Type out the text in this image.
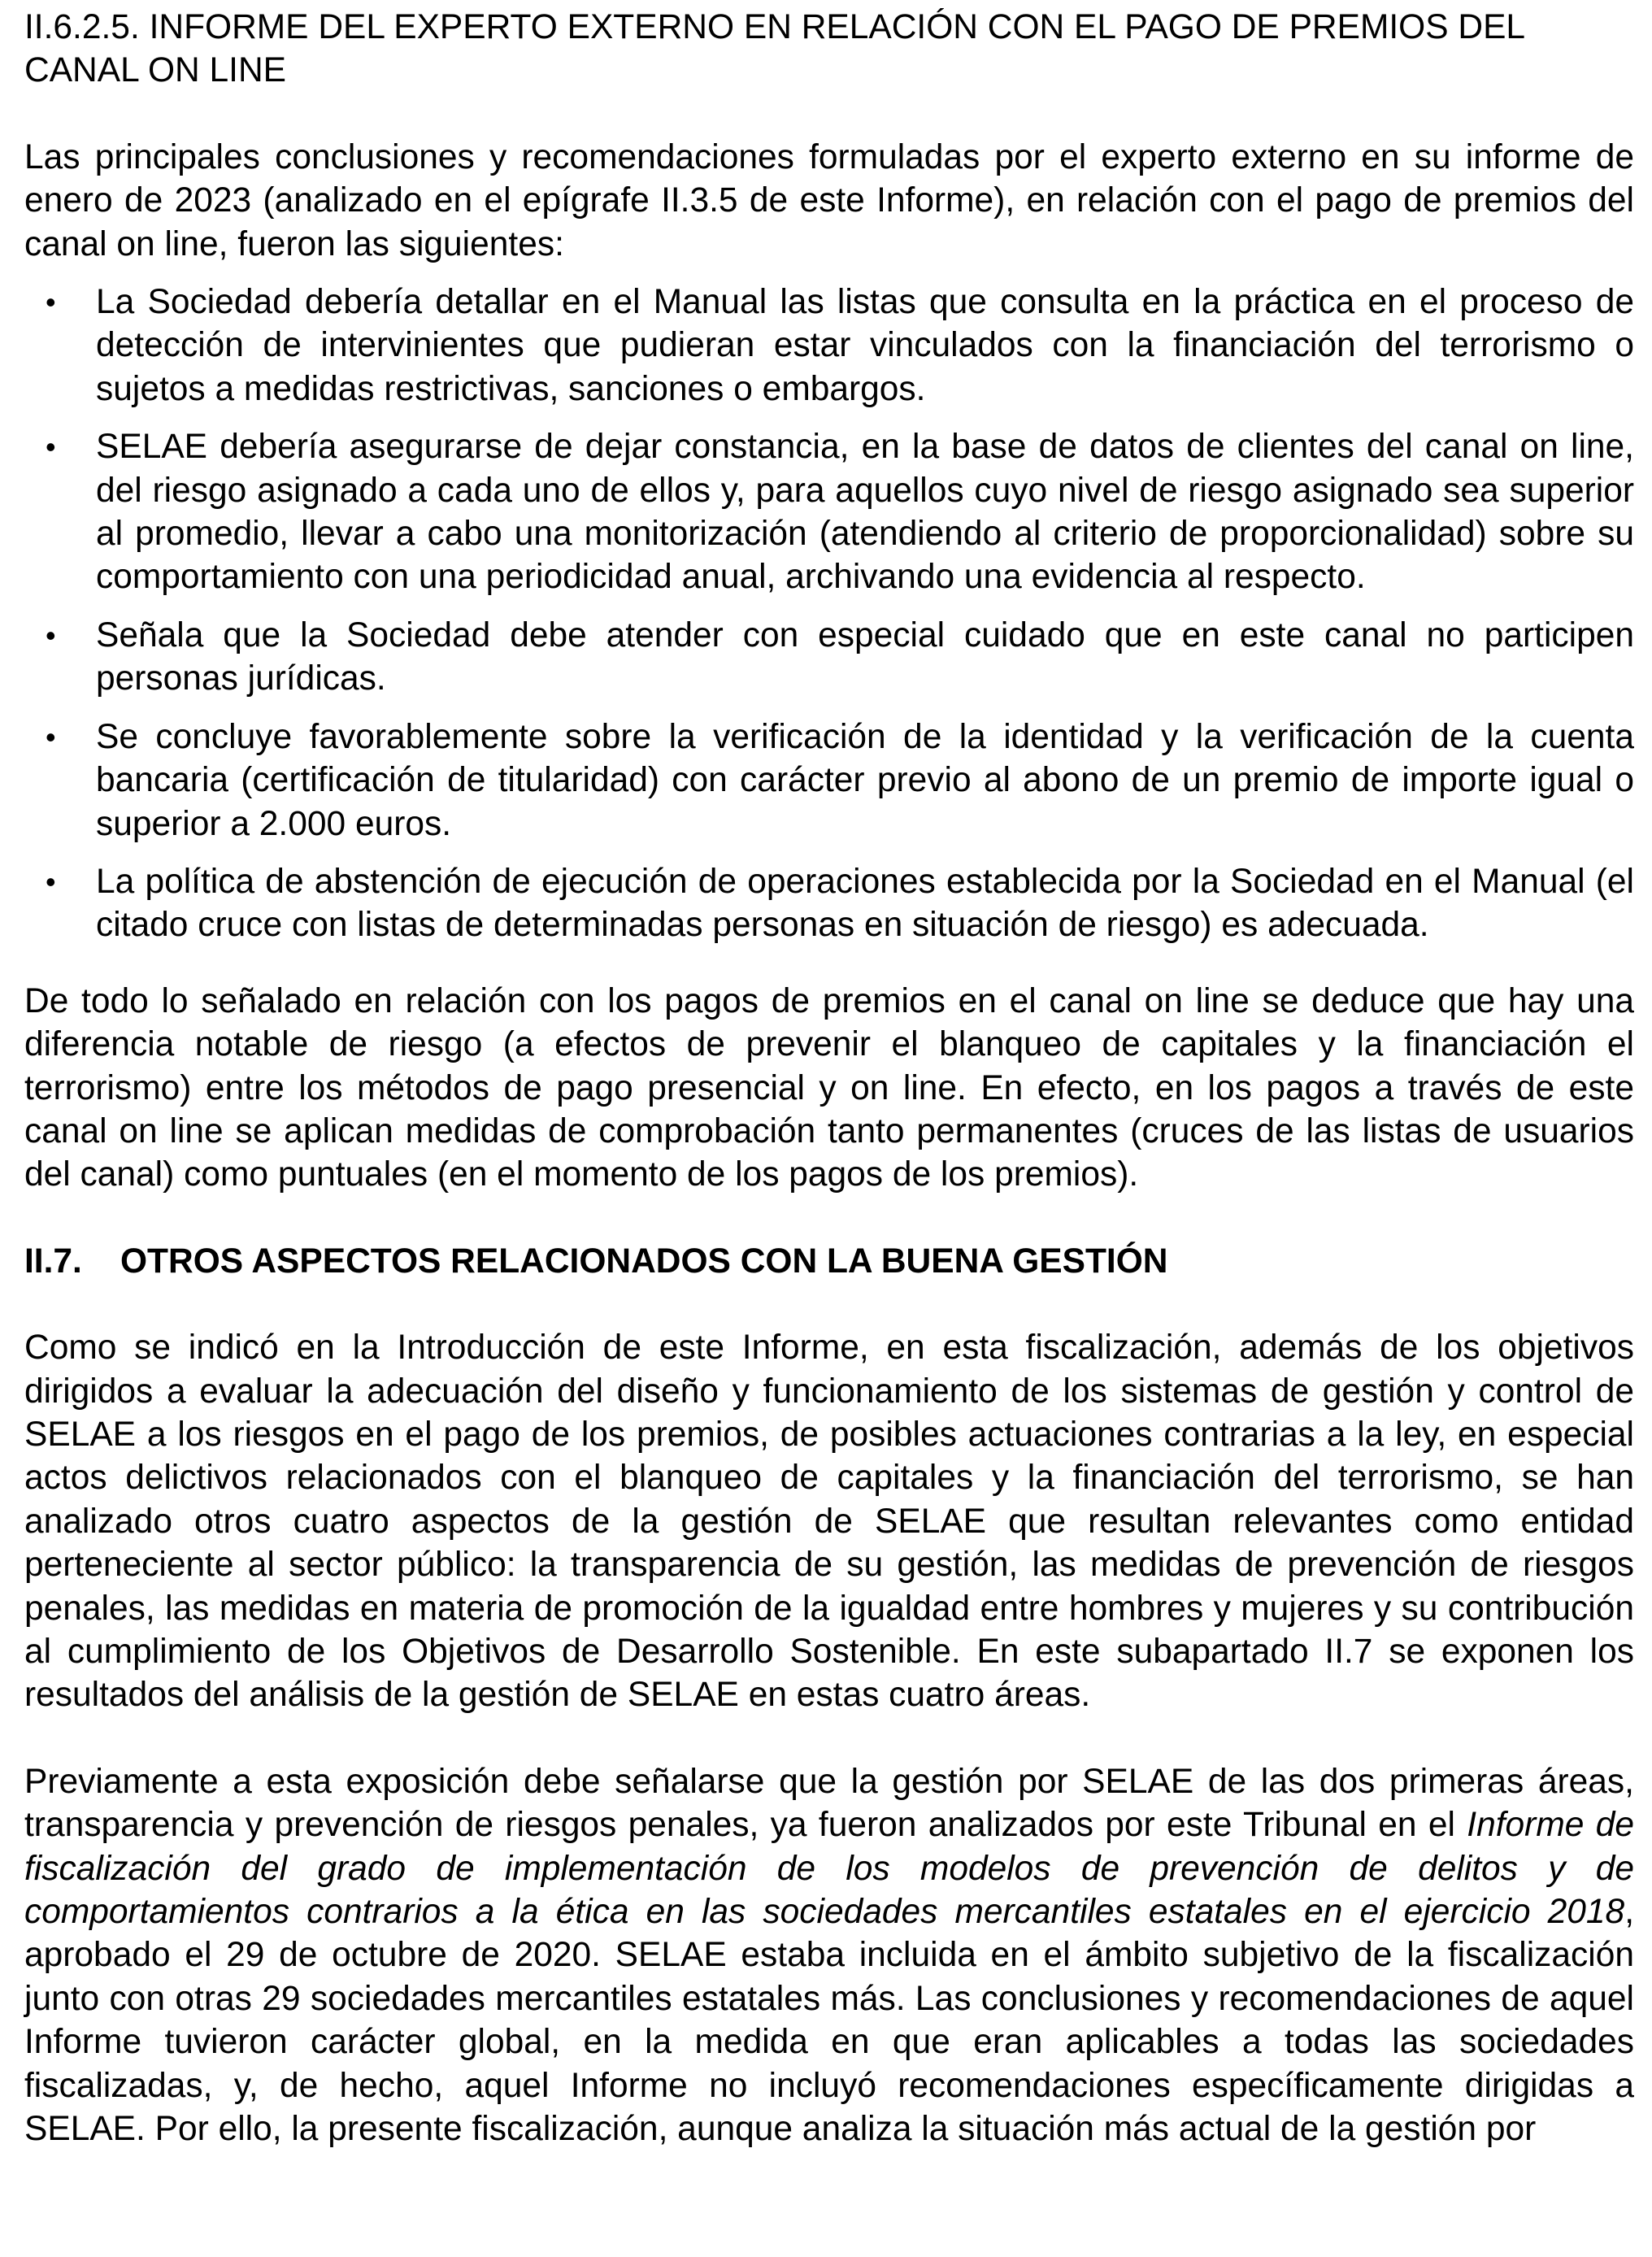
II.6.2.5. INFORME DEL EXPERTO EXTERNO EN RELACIÓN CON EL PAGO DE PREMIOS DEL CANAL ON LINE

Las principales conclusiones y recomendaciones formuladas por el experto externo en su informe de enero de 2023 (analizado en el epígrafe II.3.5 de este Informe), en relación con el pago de premios del canal on line, fueron las siguientes:

• La Sociedad debería detallar en el Manual las listas que consulta en la práctica en el proceso de detección de intervinientes que pudieran estar vinculados con la financiación del terrorismo o sujetos a medidas restrictivas, sanciones o embargos.
• SELAE debería asegurarse de dejar constancia, en la base de datos de clientes del canal on line, del riesgo asignado a cada uno de ellos y, para aquellos cuyo nivel de riesgo asignado sea superior al promedio, llevar a cabo una monitorización (atendiendo al criterio de proporcionalidad) sobre su comportamiento con una periodicidad anual, archivando una evidencia al respecto.
• Señala que la Sociedad debe atender con especial cuidado que en este canal no participen personas jurídicas.
• Se concluye favorablemente sobre la verificación de la identidad y la verificación de la cuenta bancaria (certificación de titularidad) con carácter previo al abono de un premio de importe igual o superior a 2.000 euros.
• La política de abstención de ejecución de operaciones establecida por la Sociedad en el Manual (el citado cruce con listas de determinadas personas en situación de riesgo) es adecuada.

De todo lo señalado en relación con los pagos de premios en el canal on line se deduce que hay una diferencia notable de riesgo (a efectos de prevenir el blanqueo de capitales y la financiación el terrorismo) entre los métodos de pago presencial y on line. En efecto, en los pagos a través de este canal on line se aplican medidas de comprobación tanto permanentes (cruces de las listas de usuarios del canal) como puntuales (en el momento de los pagos de los premios).

II.7.	OTROS ASPECTOS RELACIONADOS CON LA BUENA GESTIÓN

Como se indicó en la Introducción de este Informe, en esta fiscalización, además de los objetivos dirigidos a evaluar la adecuación del diseño y funcionamiento de los sistemas de gestión y control de SELAE a los riesgos en el pago de los premios, de posibles actuaciones contrarias a la ley, en especial actos delictivos relacionados con el blanqueo de capitales y la financiación del terrorismo, se han analizado otros cuatro aspectos de la gestión de SELAE que resultan relevantes como entidad perteneciente al sector público: la transparencia de su gestión, las medidas de prevención de riesgos penales, las medidas en materia de promoción de la igualdad entre hombres y mujeres y su contribución al cumplimiento de los Objetivos de Desarrollo Sostenible. En este subapartado II.7 se exponen los resultados del análisis de la gestión de SELAE en estas cuatro áreas.

Previamente a esta exposición debe señalarse que la gestión por SELAE de las dos primeras áreas, transparencia y prevención de riesgos penales, ya fueron analizados por este Tribunal en el Informe de fiscalización del grado de implementación de los modelos de prevención de delitos y de comportamientos contrarios a la ética en las sociedades mercantiles estatales en el ejercicio 2018, aprobado el 29 de octubre de 2020. SELAE estaba incluida en el ámbito subjetivo de la fiscalización junto con otras 29 sociedades mercantiles estatales más. Las conclusiones y recomendaciones de aquel Informe tuvieron carácter global, en la medida en que eran aplicables a todas las sociedades fiscalizadas, y, de hecho, aquel Informe no incluyó recomendaciones específicamente dirigidas a SELAE. Por ello, la presente fiscalización, aunque analiza la situación más actual de la gestión por
